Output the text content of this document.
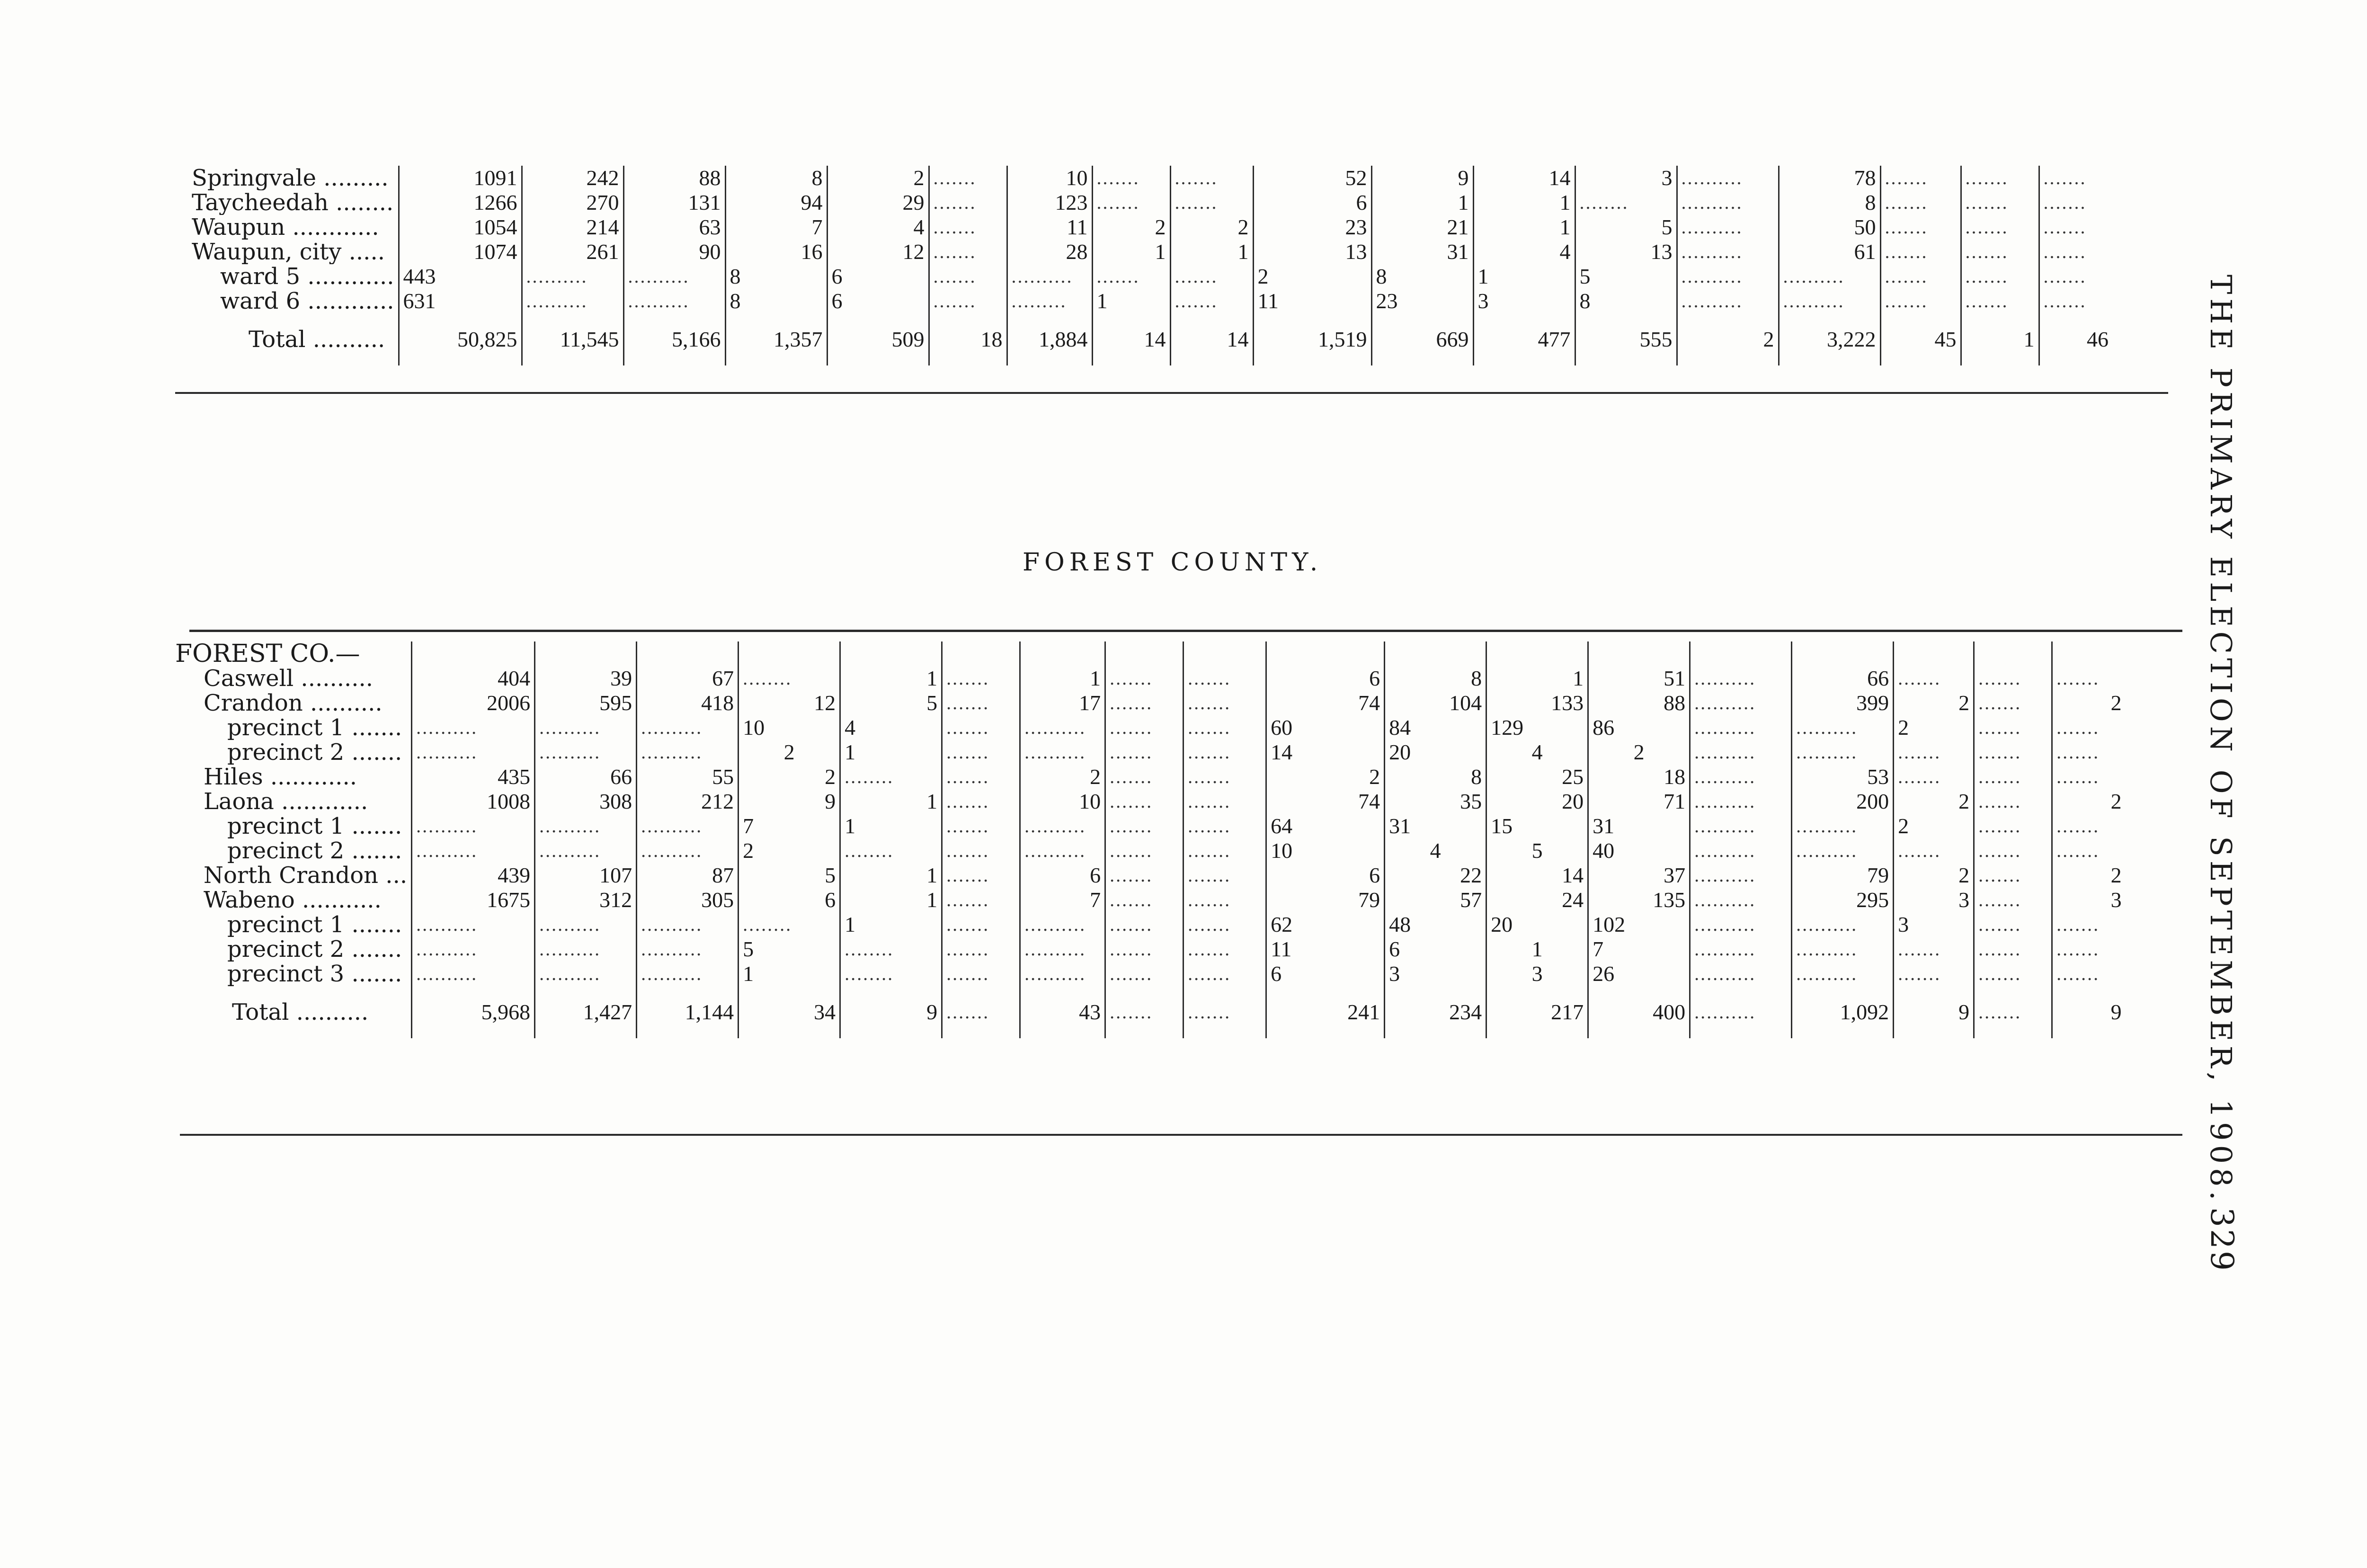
THE PRIMARY ELECTION OF SEPTEMBER, 1908.
329
Springvale .........	1091	242	88	8	2	.......	10	.......	.......	52	9	14	3	..........	78	.......	.......	.......
Taycheedah ........	1266	270	131	94	29	.......	123	.......	.......	6	1	1	........	..........	8	.......	.......	.......
Waupun ............	1054	214	63	7	4	.......	11	2	2	23	21	1	5	..........	50	.......	.......	.......
Waupun, city .....	1074	261	90	16	12	.......	28	1	1	13	31	4	13	..........	61	.......	.......	.......
ward 5 ............	443	..........	..........	8	6	.......	..........	.......	.......	2	8	1	5	..........	..........	.......	.......	.......
ward 6 ............	631	..........	..........	8	6	.......	.........	1	.......	11	23	3	8	..........	..........	.......	.......	.......
Total ..........	50,825	11,545	5,166	1,357	509	18	1,884	14	14	1,519	669	477	555	2	3,222	45	1	46
FOREST COUNTY.
FOREST CO.—																		
Caswell ..........	404	39	67	........	1	.......	1	.......	.......	6	8	1	51	..........	66	.......	.......	.......
Crandon ..........	2006	595	418	12	5	.......	17	.......	.......	74	104	133	88	..........	399	2	.......	2
precinct 1 .......	..........	..........	..........	10	4	.......	..........	.......	.......	60	84	129	86	..........	..........	2	.......	.......
precinct 2 .......	..........	..........	..........	2	1	.......	..........	.......	.......	14	20	4	2	..........	..........	.......	.......	.......
Hiles ............	435	66	55	2	........	.......	2	.......	.......	2	8	25	18	..........	53	.......	.......	.......
Laona ............	1008	308	212	9	1	.......	10	.......	.......	74	35	20	71	..........	200	2	.......	2
precinct 1 .......	..........	..........	..........	7	1	.......	..........	.......	.......	64	31	15	31	..........	..........	2	.......	.......
precinct 2 .......	..........	..........	..........	2	........	.......	..........	.......	.......	10	4	5	40	..........	..........	.......	.......	.......
North Crandon ...	439	107	87	5	1	.......	6	.......	.......	6	22	14	37	..........	79	2	.......	2
Wabeno ...........	1675	312	305	6	1	.......	7	.......	.......	79	57	24	135	..........	295	3	.......	3
precinct 1 .......	..........	..........	..........	........	1	.......	..........	.......	.......	62	48	20	102	..........	..........	3	.......	.......
precinct 2 .......	..........	..........	..........	5	........	.......	..........	.......	.......	11	6	1	7	..........	..........	.......	.......	.......
precinct 3 .......	..........	..........	..........	1	........	.......	..........	.......	.......	6	3	3	26	..........	..........	.......	.......	.......
Total ..........	5,968	1,427	1,144	34	9	.......	43	.......	.......	241	234	217	400	..........	1,092	9	.......	9
